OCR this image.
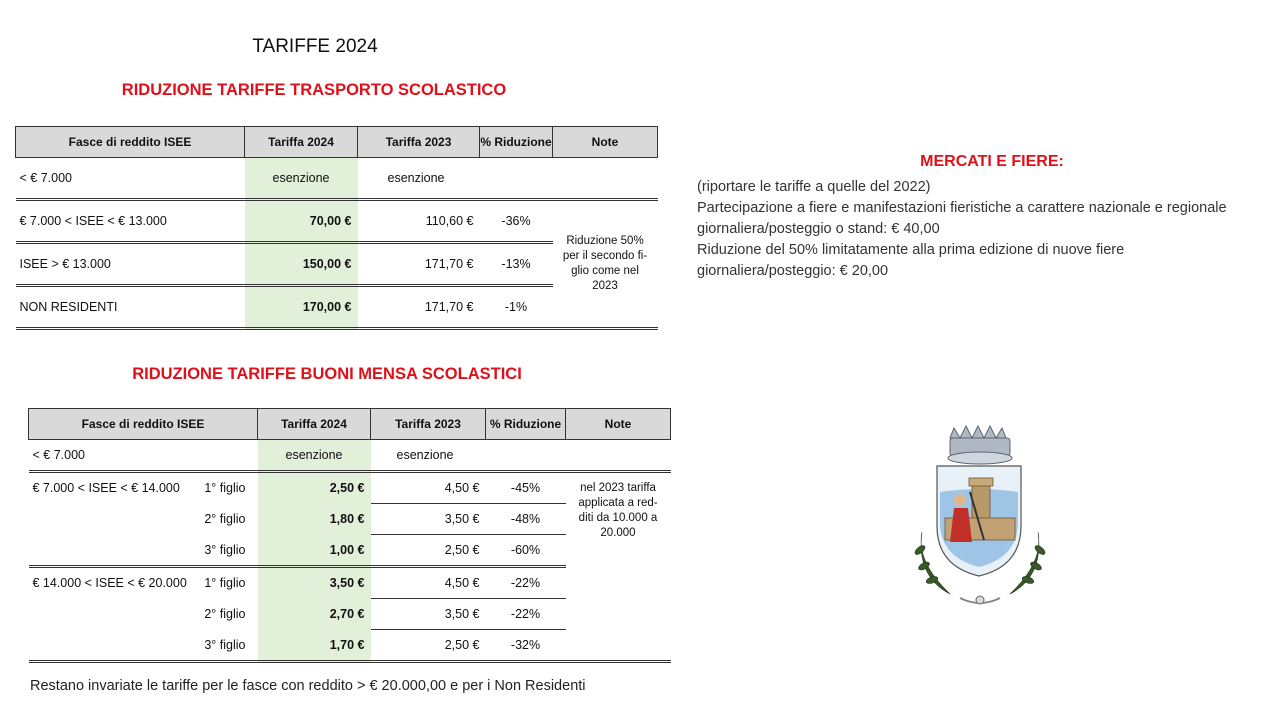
TARIFFE 2024
RIDUZIONE TARIFFE TRASPORTO SCOLASTICO
Fasce di reddito ISEE	Tariffa 2024	Tariffa 2023	% Riduzione	Note
< € 7.000	esenzione	esenzione		
€ 7.000 < ISEE < € 13.000	70,00 €	110,60 €	-36%	Riduzione 50% per il secondo fi- glio come nel 2023

ISEE > € 13.000	150,00 €	171,70 €	-13%	
NON RESIDENTI	170,00 €	171,70 €	-1%	
RIDUZIONE TARIFFE BUONI MENSA SCOLASTICI
Fasce di reddito ISEE	Tariffa 2024	Tariffa 2023	% Riduzione	Note
< € 7.000	esenzione	esenzione		

€ 7.000 < ISEE < € 14.000 1° figlio	2,50 €	4,50 €	-45%	nel 2023 tariffa applicata a red- diti da 10.000 a 20.000

2° figlio	1,80 €	3,50 €	-48%	

3° figlio	1,00 €	2,50 €	-60%	

€ 14.000 < ISEE < € 20.000 1° figlio	3,50 €	4,50 €	-22%	

2° figlio	2,70 €	3,50 €	-22%	

3° figlio	1,70 €	2,50 €	-32%	
Restano invariate le tariffe per le fasce con reddito > € 20.000,00 e per i Non Residenti
MERCATI E FIERE:
(riportare le tariffe a quelle del 2022)
Partecipazione a fiere e manifestazioni fieristiche a carattere nazionale e regionale
giornaliera/posteggio o stand: € 40,00
Riduzione del 50% limitatamente alla prima edizione di nuove fiere
giornaliera/posteggio: € 20,00
